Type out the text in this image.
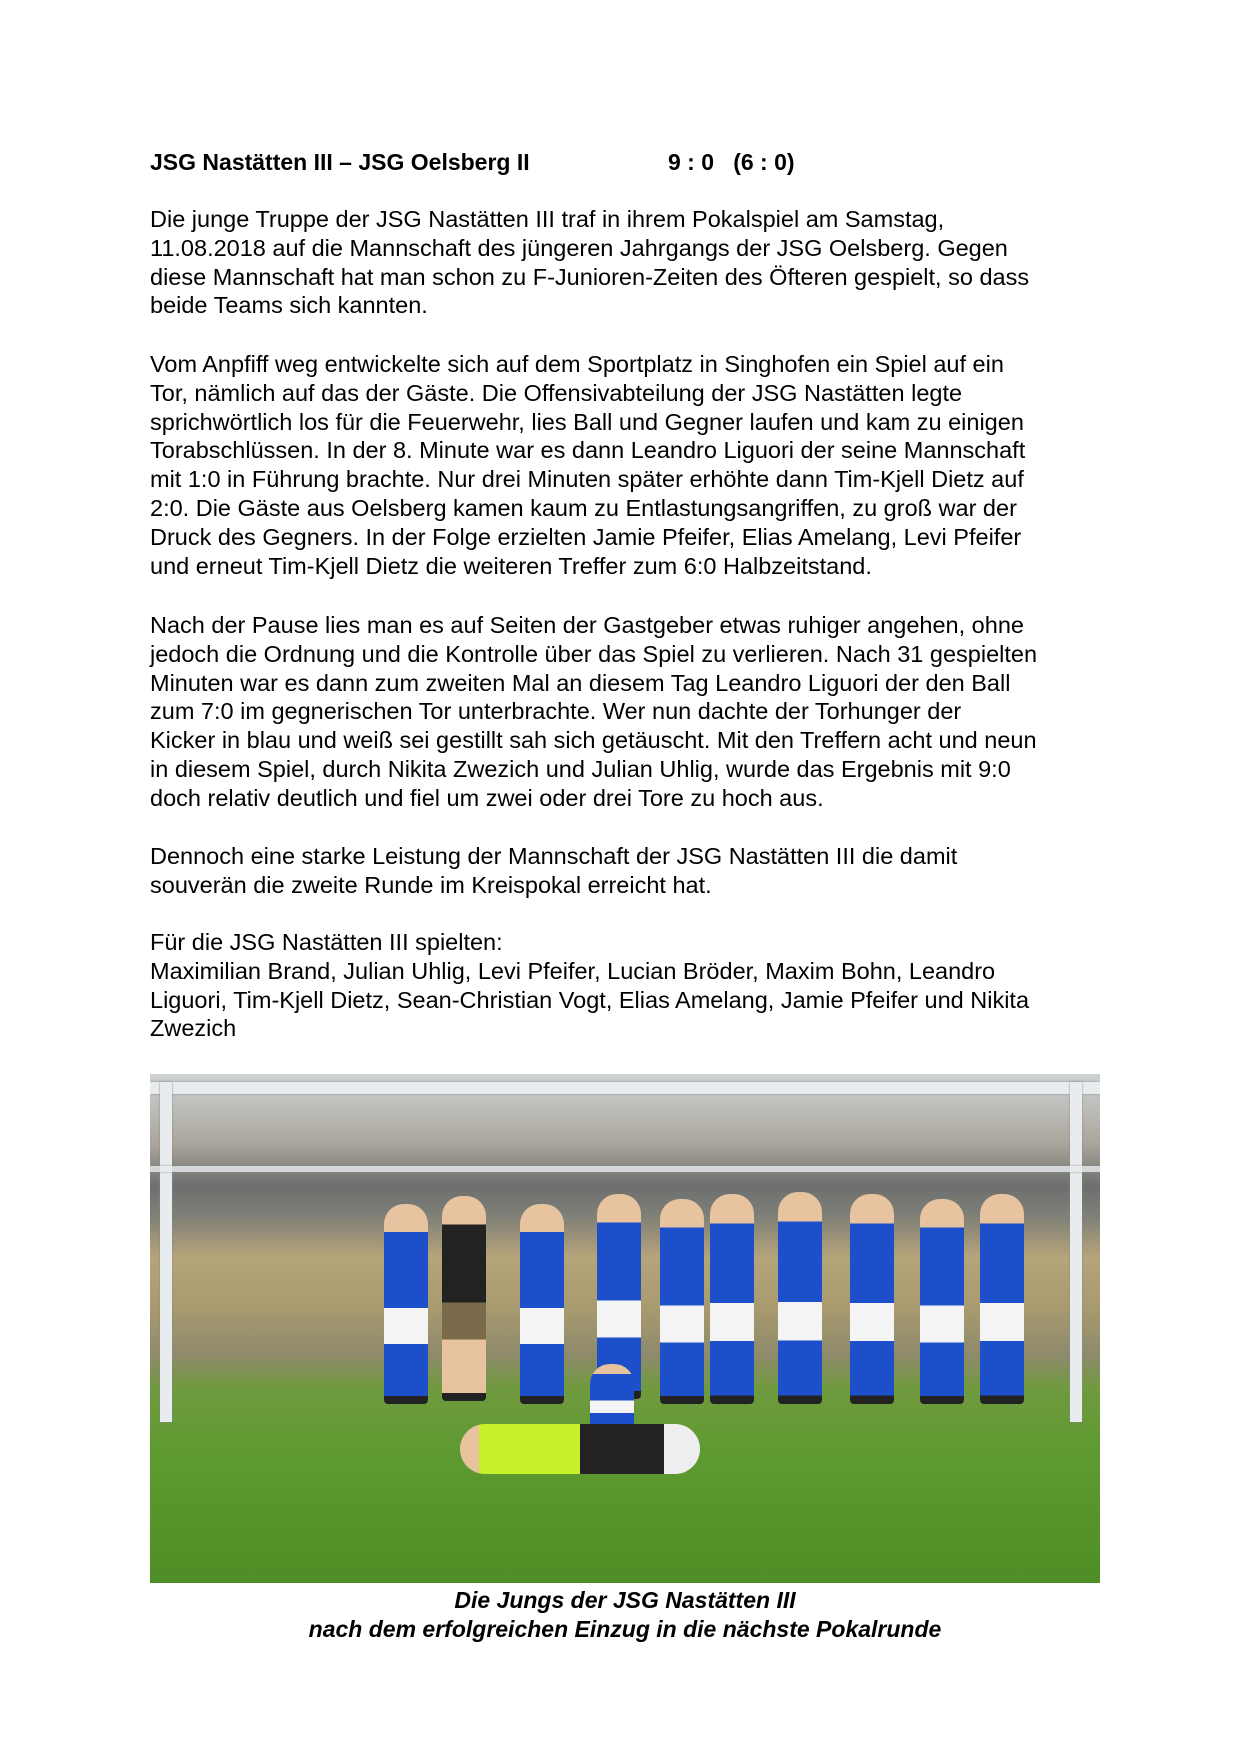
JSG Nastätten III – JSG Oelsberg II	9 : 0   (6 : 0)
Die junge Truppe der JSG Nastätten III traf in ihrem Pokalspiel am Samstag,
11.08.2018 auf die Mannschaft des jüngeren Jahrgangs der JSG Oelsberg. Gegen
diese Mannschaft hat man schon zu F-Junioren-Zeiten des Öfteren gespielt, so dass
beide Teams sich kannten.
Vom Anpfiff weg entwickelte sich auf dem Sportplatz in Singhofen ein Spiel auf ein
Tor, nämlich auf das der Gäste. Die Offensivabteilung der JSG Nastätten legte
sprichwörtlich los für die Feuerwehr, lies Ball und Gegner laufen und kam zu einigen
Torabschlüssen. In der 8. Minute war es dann Leandro Liguori der seine Mannschaft
mit 1:0 in Führung brachte. Nur drei Minuten später erhöhte dann Tim-Kjell Dietz auf
2:0. Die Gäste aus Oelsberg kamen kaum zu Entlastungsangriffen, zu groß war der
Druck des Gegners. In der Folge erzielten Jamie Pfeifer, Elias Amelang, Levi Pfeifer
und erneut Tim-Kjell Dietz die weiteren Treffer zum 6:0 Halbzeitstand.
Nach der Pause lies man es auf Seiten der Gastgeber etwas ruhiger angehen, ohne
jedoch die Ordnung und die Kontrolle über das Spiel zu verlieren. Nach 31 gespielten
Minuten war es dann zum zweiten Mal an diesem Tag Leandro Liguori der den Ball
zum 7:0 im gegnerischen Tor unterbrachte. Wer nun dachte der Torhunger der
Kicker in blau und weiß sei gestillt sah sich getäuscht. Mit den Treffern acht und neun
in diesem Spiel, durch Nikita Zwezich und Julian Uhlig, wurde das Ergebnis mit 9:0
doch relativ deutlich und fiel um zwei oder drei Tore zu hoch aus.
Dennoch eine starke Leistung der Mannschaft der JSG Nastätten III die damit
souverän die zweite Runde im Kreispokal erreicht hat.
Für die JSG Nastätten III spielten:
Maximilian Brand, Julian Uhlig, Levi Pfeifer, Lucian Bröder, Maxim Bohn, Leandro
Liguori, Tim-Kjell Dietz, Sean-Christian Vogt, Elias Amelang, Jamie Pfeifer und Nikita
Zwezich
Die Jungs der JSG Nastätten III
nach dem erfolgreichen Einzug in die nächste Pokalrunde
